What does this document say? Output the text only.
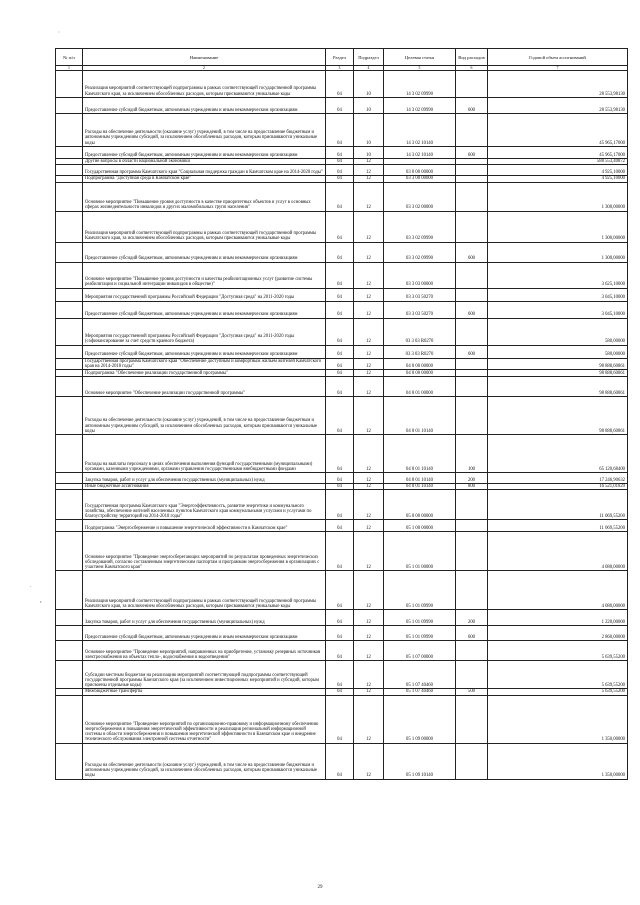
ˈ
·
‹
№ п/п	Наименование	Раздел	Подраздел	Целевая статья	Вид расходов	Годовой объем ассигнований
1	2	3	4	5	6	7
	Реализация мероприятий соответствующей подпрограммы в рамках соответствующей государственной программы Камчатского края, за исключением обособленных расходов, которым присваиваются уникальные коды	04	10	14 3 02 09990		28 553,98130
	Предоставление субсидий бюджетным, автономным учреждениям и иным некоммерческим организациям	04	10	14 3 02 09990	600	28 553,98130
	Расходы на обеспечение деятельности (оказание услуг) учреждений, в том числе на предоставление бюджетным и автономным учреждениям субсидий, за исключением обособленных расходов, которым присваиваются уникальные коды	04	10	14 3 02 10140		45 965,17000
	Предоставление субсидий бюджетным, автономным учреждениям и иным некоммерческим организациям	04	10	14 3 02 10140	600	45 965,17000
	Другие вопросы в области национальной экономики	04	12			588 553,40872
	Государственная программа Камчатского края "Социальная поддержка граждан в Камчатском крае на 2014-2020 годы"	04	12	03 0 00 00000		4 925,10000
	Подпрограмма "Доступная среда в Камчатском крае"	04	12	03 3 00 00000		4 925,10000
	Основное мероприятие "Повышение уровня доступности в качестве приоритетных объектов и услуг в основных сферах жизнедеятельности инвалидов и других маломобильных групп населения"	04	12	03 3 02 00000		1 300,00000
	Реализация мероприятий соответствующей подпрограммы в рамках соответствующей государственной программы Камчатского края, за исключением обособленных расходов, которым присваиваются уникальные коды	04	12	03 3 02 09990		1 300,00000
	Предоставление субсидий бюджетным, автономным учреждениям и иным некоммерческим организациям	04	12	03 3 02 09990	600	1 300,00000
	Основное мероприятие "Повышение уровня доступности и качества реабилитационных услуг (развитие системы реабилитации и социальной интеграции инвалидов в обществе)"	04	12	03 3 03 00000		3 625,10000
	Мероприятия государственной программы Российской Федерации "Доступная среда" на 2011-2020 годы	04	12	03 3 03 50270		3 045,10000
	Предоставление субсидий бюджетным, автономным учреждениям и иным некоммерческим организациям	04	12	03 3 03 50270	600	3 045,10000
	Мероприятия государственной программы Российской Федерации "Доступная среда" на 2011-2020 годы (софинансирование за счет средств краевого бюджета)	04	12	03 3 03 R0270		580,00000
	Предоставление субсидий бюджетным, автономным учреждениям и иным некоммерческим организациям	04	12	03 3 03 R0270	600	580,00000
	Государственная программа Камчатского края "Обеспечение доступным и комфортным жильем жителей Камчатского края на 2014-2018 годы"	04	12	04 0 00 00000		98 888,60861
	Подпрограмма "Обеспечение реализации государственной программы"	04	12	04 8 00 00000		98 888,60861
	Основное мероприятие "Обеспечение реализации государственной программы"	04	12	04 8 01 00000		98 888,60861
	Расходы на обеспечение деятельности (оказание услуг) учреждений, в том числе на предоставление бюджетным и автономным учреждениям субсидий, за исключением обособленных расходов, которым присваиваются уникальные коды	04	12	04 8 01 10140		98 888,60861
	Расходы на выплаты персоналу в целях обеспечения выполнения функций государственными (муниципальными) органами, казенными учреждениями, органами управления государственными внебюджетными фондами	04	12	04 8 01 10140	100	65 120,68400
	Закупка товаров, работ и услуг для обеспечения государственных (муниципальных) нужд	04	12	04 8 01 10140	200	17 246,90632
	Иные бюджетные ассигнования	04	12	04 8 01 10140	800	16 521,01829
	Государственная программа Камчатского края "Энергоэффективность, развитие энергетики и коммунального хозяйства, обеспечение жителей населенных пунктов Камчатского края коммунальными услугами и услугами по благоустройству территорий на 2014-2018 годы"	04	12	05 0 00 00000		11 069,55200
	Подпрограмма "Энергосбережение и повышение энергетической эффективности в Камчатском крае"	04	12	05 1 00 00000		11 069,55200
	Основное мероприятие "Проведение энергосберегающих мероприятий по результатам проведенных энергетических обследований, согласно составленным энергетическим паспортам и программам энергосбережения в организациях с участием Камчатского края"	04	12	05 1 01 00000		4 080,00000
	Реализация мероприятий соответствующей подпрограммы в рамках соответствующей государственной программы Камчатского края, за исключением обособленных расходов, которым присваиваются уникальные коды	04	12	05 1 01 09990		4 080,00000
	Закупка товаров, работ и услуг для обеспечения государственных (муниципальных) нужд	04	12	05 1 01 09990	200	1 220,00000
	Предоставление субсидий бюджетным, автономным учреждениям и иным некоммерческим организациям	04	12	05 1 01 09990	600	2 860,00000
	Основное мероприятие "Проведение мероприятий, направленных на приобретение, установку резервных источников электроснабжения на объектах тепло-, водоснабжения и водоотведения"	04	12	05 1 07 00000		5 639,55200
	Субсидии местным бюджетам на реализацию мероприятий соответствующей подпрограммы соответствующей государственной программы Камчатского края (за исключением инвестиционных мероприятий и субсидий, которым присвоены отдельные коды)	04	12	05 1 07 40460		5 639,55200
	Межбюджетные трансферты	04	12	05 1 07 40460	500	5 639,55200
	Основное мероприятие "Проведение мероприятий по организационно-правовому и информационному обеспечению энергосбережения и повышения энергетической эффективности и реализация региональной информационной системы в области энергосбережения и повышения энергетической эффективности в Камчатском крае и внедрение технического обслуживания электронной системы отчетности"	04	12	05 1 09 00000		1 350,00000
	Расходы на обеспечение деятельности (оказание услуг) учреждений, в том числе на предоставление бюджетным и автономным учреждениям субсидий, за исключением обособленных расходов, которым присваиваются уникальные коды	04	12	05 1 09 10140		1 350,00000
29
